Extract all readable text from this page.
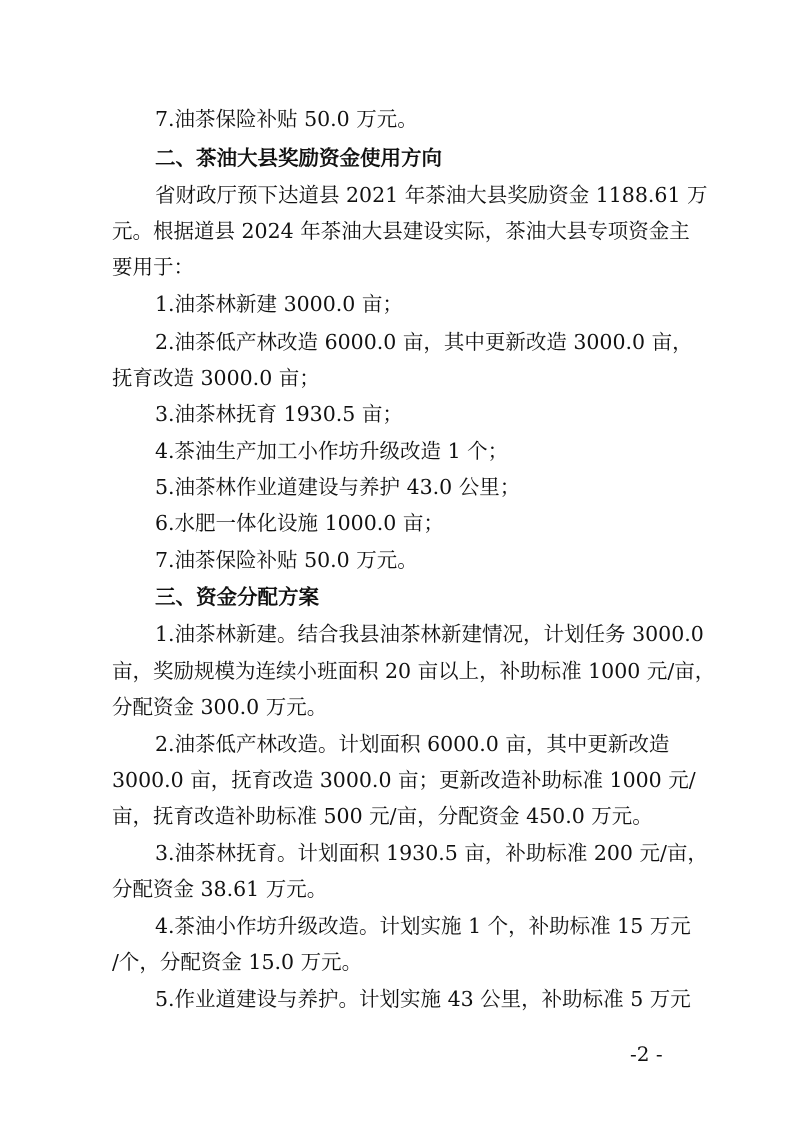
7.油茶保险补贴 50.0 万元。
二、茶油大县奖励资金使用方向
省财政厅预下达道县 2021 年茶油大县奖励资金 1188.61 万
元。根据道县 2024 年茶油大县建设实际，茶油大县专项资金主
要用于：
1.油茶林新建 3000.0 亩；
2.油茶低产林改造 6000.0 亩，其中更新改造 3000.0 亩，
抚育改造 3000.0 亩；
3.油茶林抚育 1930.5 亩；
4.茶油生产加工小作坊升级改造 1 个；
5.油茶林作业道建设与养护 43.0 公里；
6.水肥一体化设施 1000.0 亩；
7.油茶保险补贴 50.0 万元。
三、资金分配方案
1.油茶林新建。结合我县油茶林新建情况，计划任务 3000.0
亩，奖励规模为连续小班面积 20 亩以上，补助标准 1000 元/亩，
分配资金 300.0 万元。
2.油茶低产林改造。计划面积 6000.0 亩，其中更新改造
3000.0 亩，抚育改造 3000.0 亩；更新改造补助标准 1000 元/
亩，抚育改造补助标准 500 元/亩，分配资金 450.0 万元。
3.油茶林抚育。计划面积 1930.5 亩，补助标准 200 元/亩，
分配资金 38.61 万元。
4.茶油小作坊升级改造。计划实施 1 个，补助标准 15 万元
/个，分配资金 15.0 万元。
5.作业道建设与养护。计划实施 43 公里，补助标准 5 万元
-2 -
